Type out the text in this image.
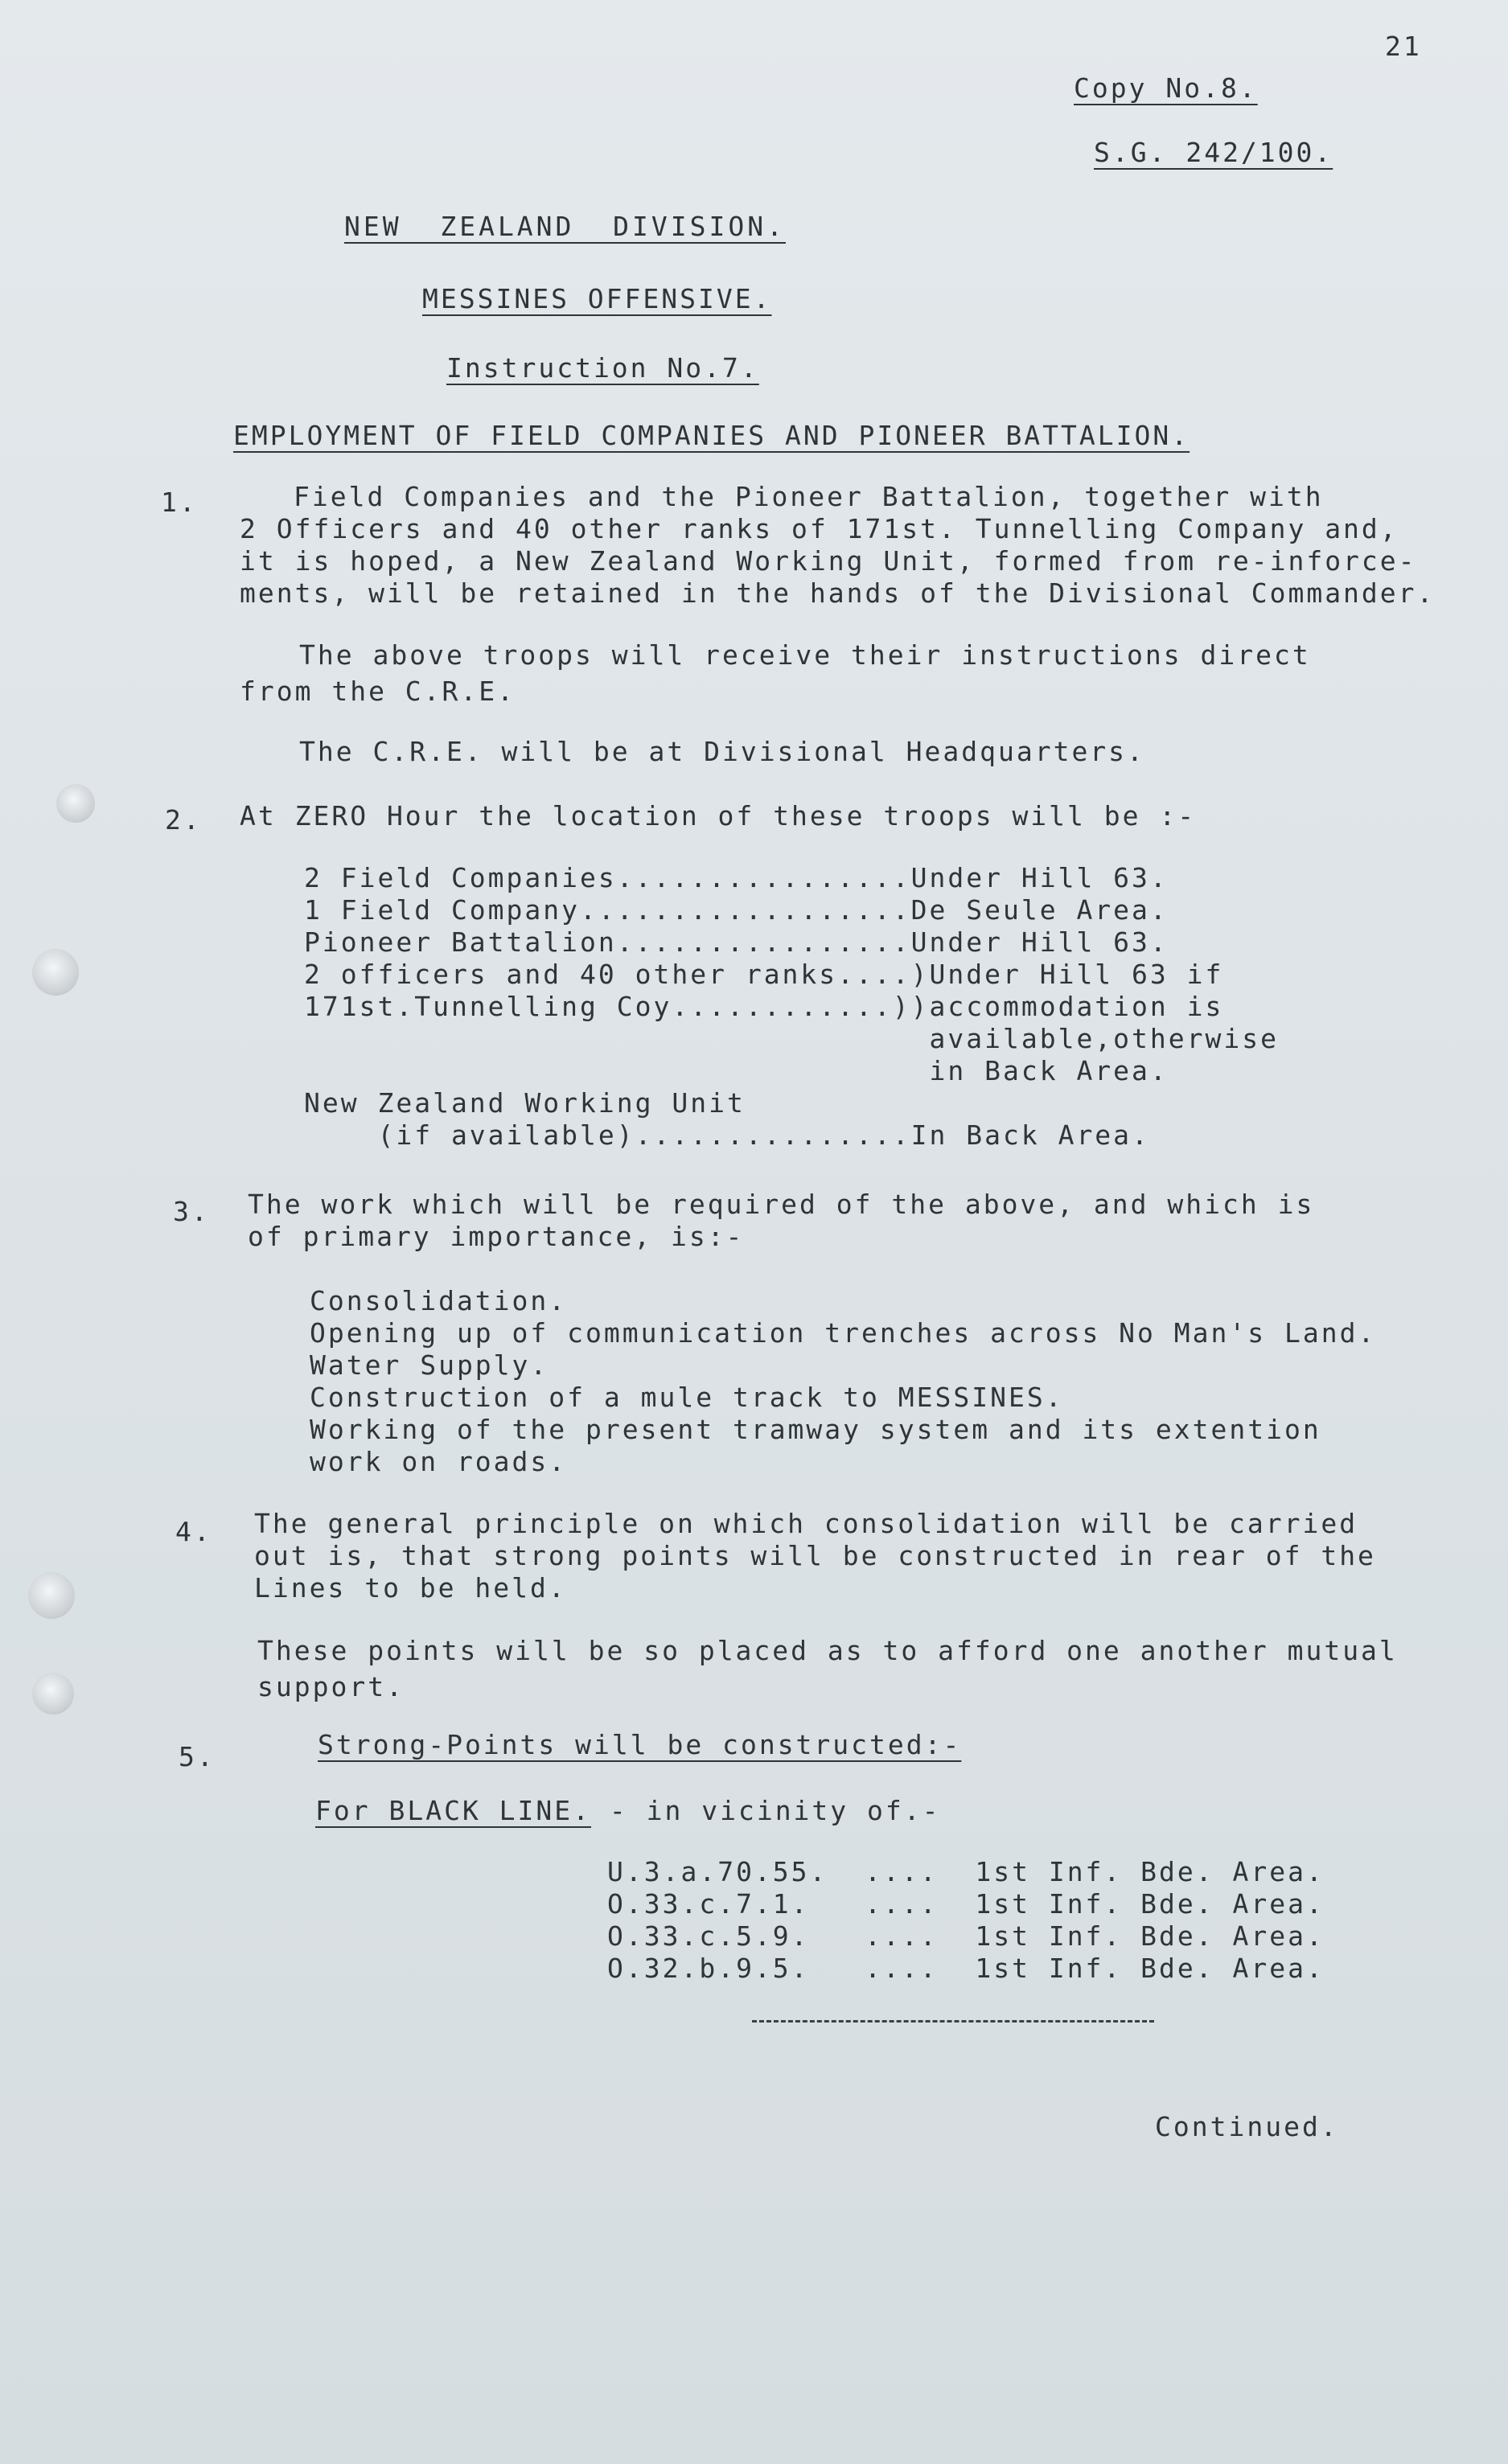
21
Copy No.8.
S.G. 242/100.
NEW  ZEALAND  DIVISION.
MESSINES OFFENSIVE.
Instruction No.7.
EMPLOYMENT OF FIELD COMPANIES AND PIONEER BATTALION.
1.	Field Companies and the Pioneer Battalion, together with
2 Officers and 40 other ranks of 171st. Tunnelling Company and,
it is hoped, a New Zealand Working Unit, formed from re-inforce-
ments, will be retained in the hands of the Divisional Commander.
The above troops will receive their instructions direct
from the C.R.E.
The C.R.E. will be at Divisional Headquarters.
2. At ZERO Hour the location of these troops will be :-
2 Field Companies................Under Hill 63.
1 Field Company..................De Seule Area.
Pioneer Battalion................Under Hill 63.
2 officers and 40 other ranks....)Under Hill 63 if
171st.Tunnelling Coy............))accommodation is
available,otherwise
in Back Area.
New Zealand Working Unit
(if available)...............In Back Area.
3. The work which will be required of the above, and which is
of primary importance, is:-
Consolidation.
Opening up of communication trenches across No Man's Land.
Water Supply.
Construction of a mule track to MESSINES.
Working of the present tramway system and its extention
work on roads.
4. The general principle on which consolidation will be carried
out is, that strong points will be constructed in rear of the
Lines to be held.
These points will be so placed as to afford one another mutual
support.
5.	Strong-Points will be constructed:-
For BLACK LINE. - in vicinity of.-
U.3.a.70.55.  ....  1st Inf. Bde. Area.
O.33.c.7.1.   ....  1st Inf. Bde. Area.
O.33.c.5.9.   ....  1st Inf. Bde. Area.
O.32.b.9.5.   ....  1st Inf. Bde. Area.
Continued.
